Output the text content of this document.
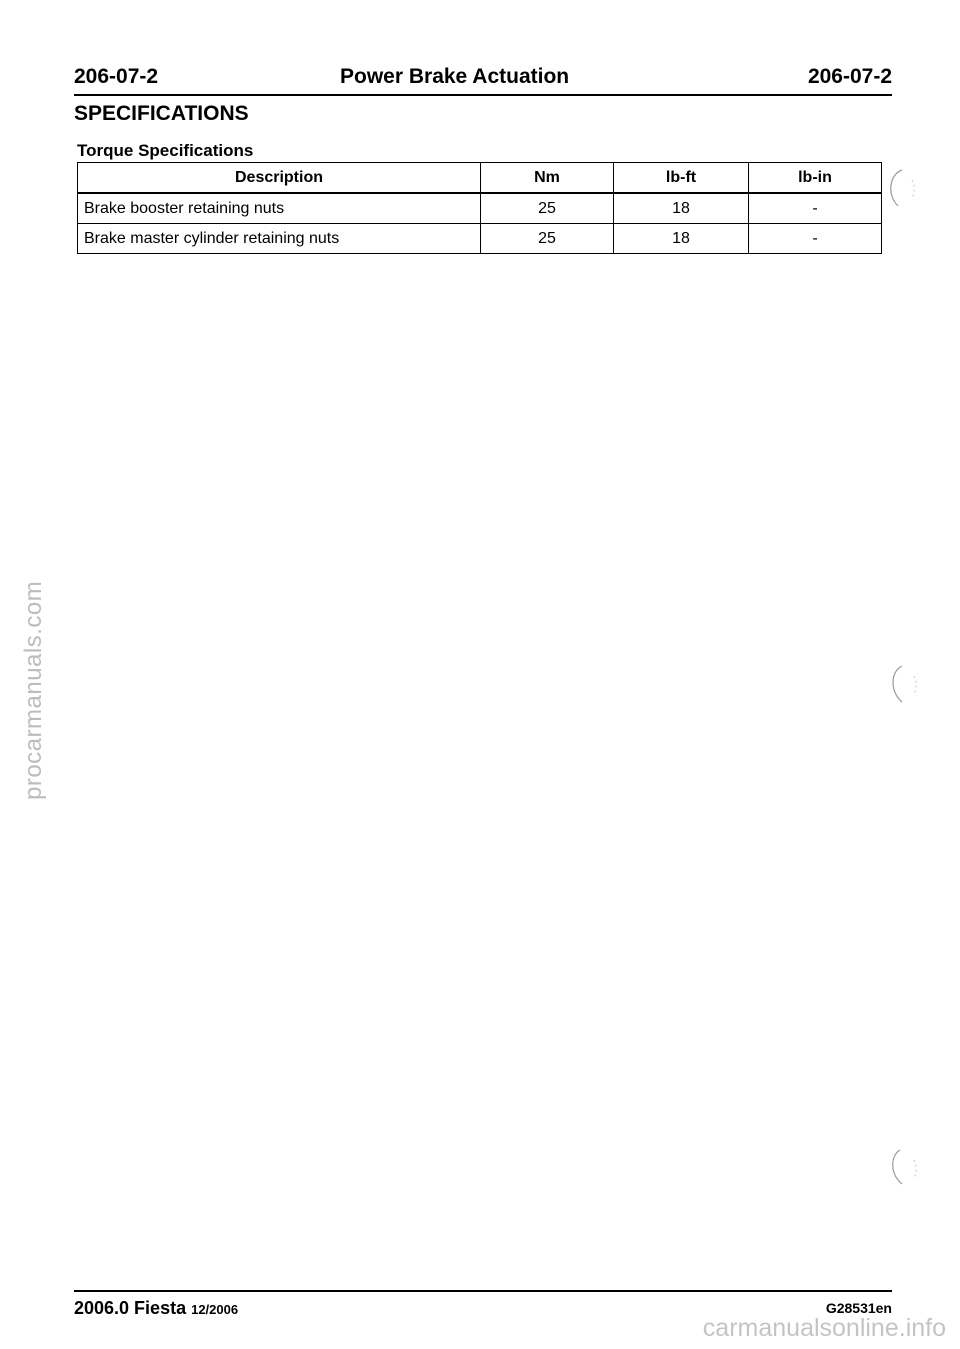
206-07-2	Power Brake Actuation	206-07-2
SPECIFICATIONS
Torque Specifications
Description	Nm	lb-ft	lb-in
Brake booster retaining nuts	25	18	-
Brake master cylinder retaining nuts	25	18	-
2006.0 Fiesta 12/2006	G28531en
procarmanuals.com
carmanualsonline.info
